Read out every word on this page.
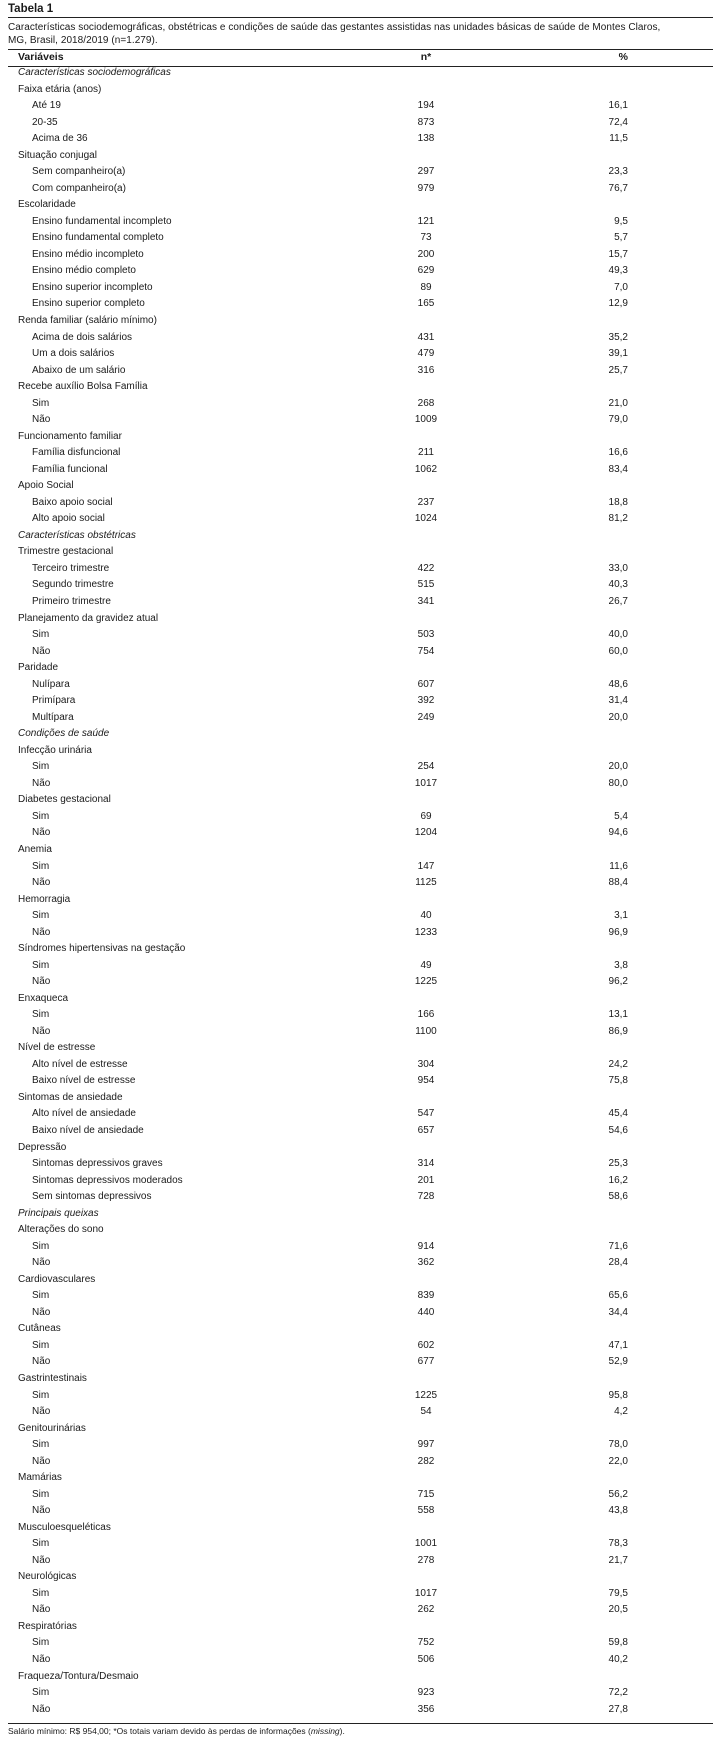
Tabela 1
Características sociodemográficas, obstétricas e condições de saúde das gestantes assistidas nas unidades básicas de saúde de Montes Claros, MG, Brasil, 2018/2019 (n=1.279).
Variáveis	n*	%
Características sociodemográficas
Faixa etária (anos)
Até 19	194	16,1
20-35	873	72,4
Acima de 36	138	11,5
Situação conjugal
Sem companheiro(a)	297	23,3
Com companheiro(a)	979	76,7
Escolaridade
Ensino fundamental incompleto	121	9,5
Ensino fundamental completo	73	5,7
Ensino médio incompleto	200	15,7
Ensino médio completo	629	49,3
Ensino superior incompleto	89	7,0
Ensino superior completo	165	12,9
Renda familiar (salário mínimo)
Acima de dois salários	431	35,2
Um a dois salários	479	39,1
Abaixo de um salário	316	25,7
Recebe auxílio Bolsa Família
Sim	268	21,0
Não	1009	79,0
Funcionamento familiar
Família disfuncional	211	16,6
Família funcional	1062	83,4
Apoio Social
Baixo apoio social	237	18,8
Alto apoio social	1024	81,2
Características obstétricas
Trimestre gestacional
Terceiro trimestre	422	33,0
Segundo trimestre	515	40,3
Primeiro trimestre	341	26,7
Planejamento da gravidez atual
Sim	503	40,0
Não	754	60,0
Paridade
Nulípara	607	48,6
Primípara	392	31,4
Multípara	249	20,0
Condições de saúde
Infecção urinária
Sim	254	20,0
Não	1017	80,0
Diabetes gestacional
Sim	69	5,4
Não	1204	94,6
Anemia
Sim	147	11,6
Não	1125	88,4
Hemorragia
Sim	40	3,1
Não	1233	96,9
Síndromes hipertensivas na gestação
Sim	49	3,8
Não	1225	96,2
Enxaqueca
Sim	166	13,1
Não	1100	86,9
Nível de estresse
Alto nível de estresse	304	24,2
Baixo nível de estresse	954	75,8
Sintomas de ansiedade
Alto nível de ansiedade	547	45,4
Baixo nível de ansiedade	657	54,6
Depressão
Sintomas depressivos graves	314	25,3
Sintomas depressivos moderados	201	16,2
Sem sintomas depressivos	728	58,6
Principais queixas
Alterações do sono
Sim	914	71,6
Não	362	28,4
Cardiovasculares
Sim	839	65,6
Não	440	34,4
Cutâneas
Sim	602	47,1
Não	677	52,9
Gastrintestinais
Sim	1225	95,8
Não	54	4,2
Genitourinárias
Sim	997	78,0
Não	282	22,0
Mamárias
Sim	715	56,2
Não	558	43,8
Musculoesqueléticas
Sim	1001	78,3
Não	278	21,7
Neurológicas
Sim	1017	79,5
Não	262	20,5
Respiratórias
Sim	752	59,8
Não	506	40,2
Fraqueza/Tontura/Desmaio
Sim	923	72,2
Não	356	27,8
Salário mínimo: R$ 954,00; *Os totais variam devido às perdas de informações (missing).
